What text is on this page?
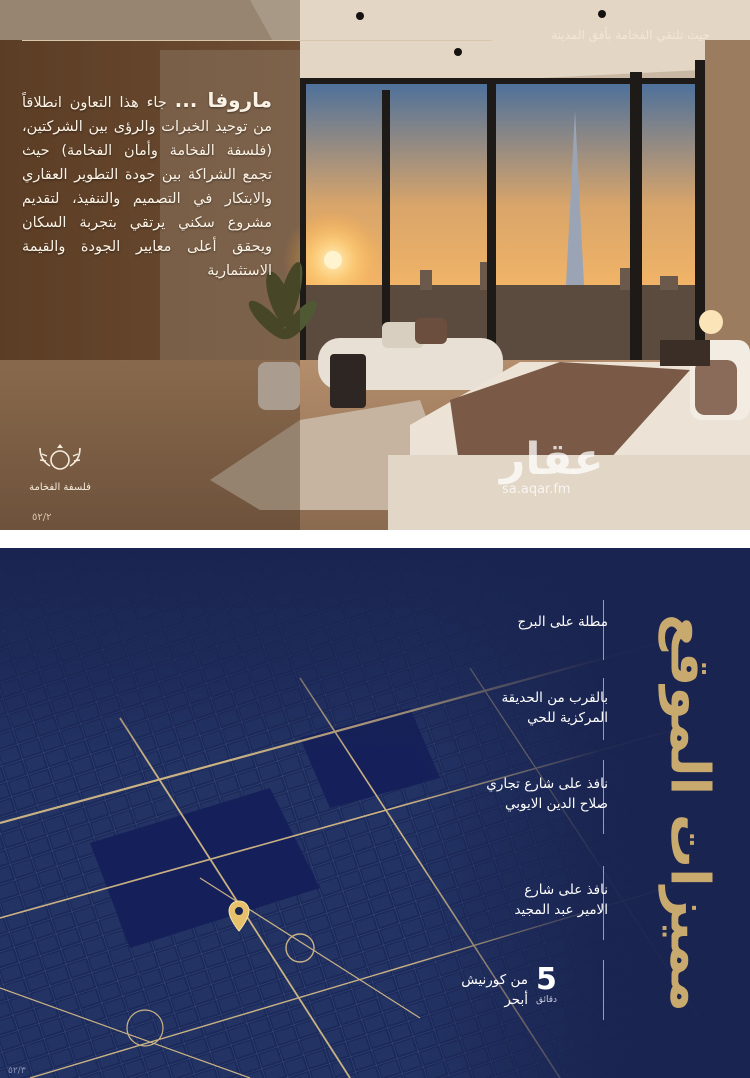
حيث تلتقي الفخامة بأفق المدينة
ماروفا ... جاء هذا التعاون انطلاقاً من توحيد الخبرات والرؤى بين الشركتين، (فلسفة الفخامة وأمان الفخامة) حيث تجمع الشراكة بين جودة التطوير العقاري والابتكار في التصميم والتنفيذ، لتقديم مشروع سكني يرتقي بتجربة السكان ويحقق أعلى معايير الجودة والقيمة الاستثمارية
فلسفة الفخامة
٥٢/٢
عقار
sa.aqar.fm
مميزات الموقع
مطلة على البرج
بالقرب من الحديقة
المركزية للحي
نافذ على شارع تجاري
صلاح الدين الايوبي
نافذ على شارع
الامير عبد المجيد
5
دقائق
من كورنيش
أبحر
٥٢/٣
